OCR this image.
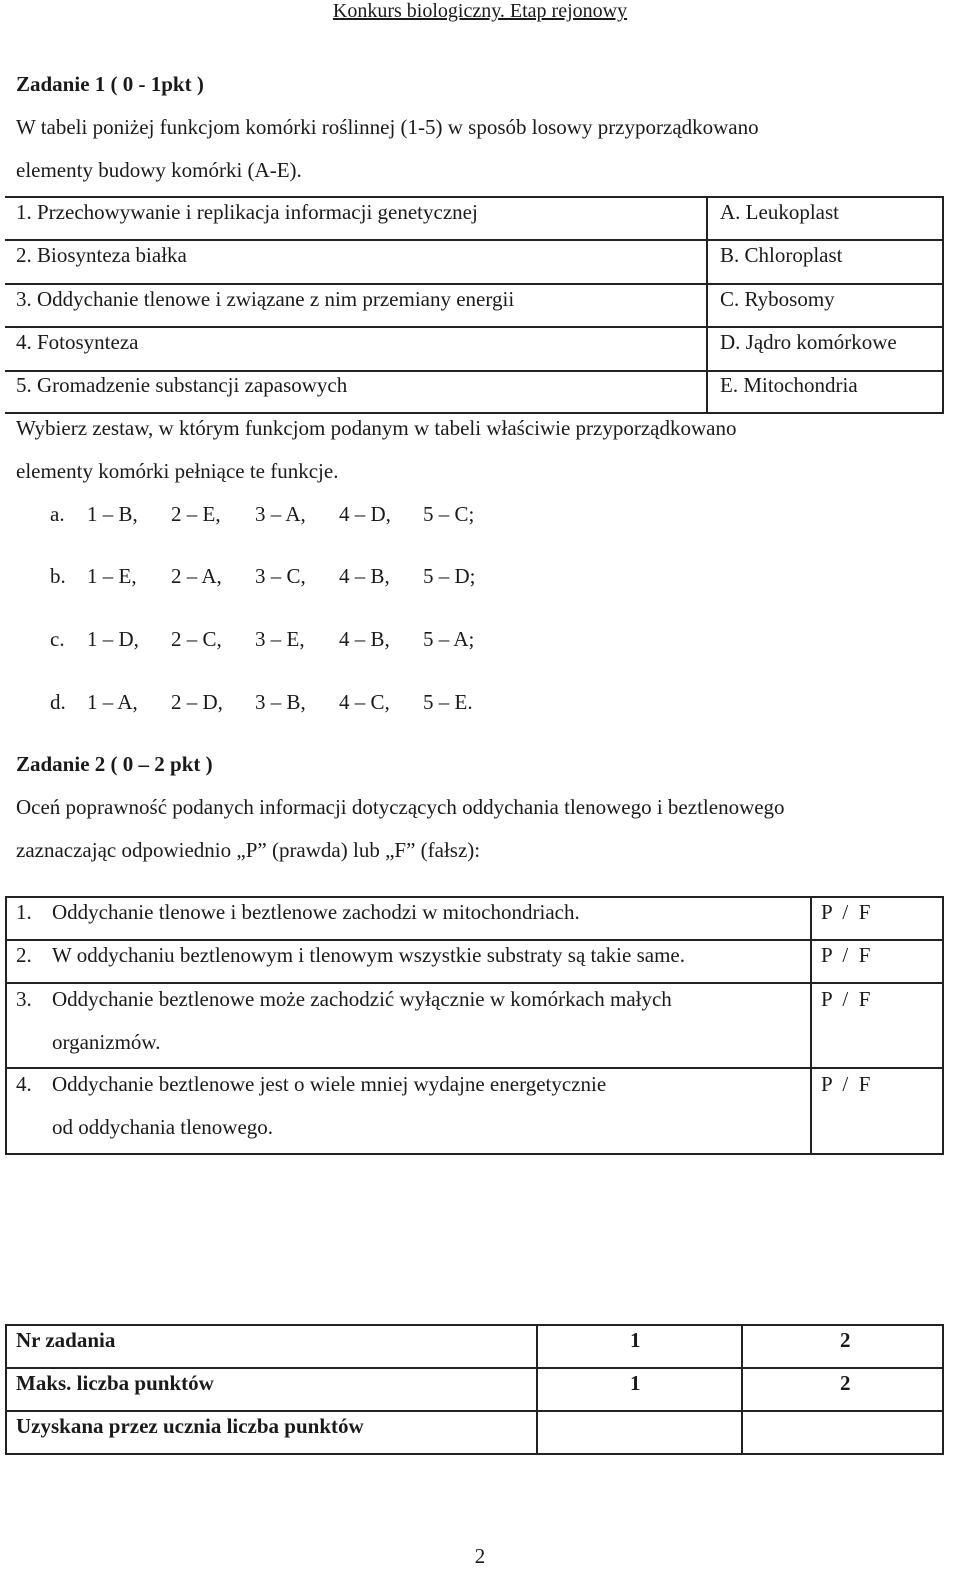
Konkurs biologiczny. Etap rejonowy
Zadanie 1 ( 0 - 1pkt )
W tabeli poniżej funkcjom komórki roślinnej (1-5) w sposób losowy przyporządkowano
elementy budowy komórki (A-E).
1. Przechowywanie i replikacja informacji genetycznej	A. Leukoplast
2. Biosynteza białka	B. Chloroplast
3. Oddychanie tlenowe i związane z nim przemiany energii	C. Rybosomy
4. Fotosynteza	D. Jądro komórkowe
5. Gromadzenie substancji zapasowych	E. Mitochondria
Wybierz zestaw, w którym funkcjom podanym w tabeli właściwie przyporządkowano
elementy komórki pełniące te funkcje.
a. 1 – B, 2 – E, 3 – A, 4 – D, 5 – C;
b. 1 – E, 2 – A, 3 – C, 4 – B, 5 – D;
c. 1 – D, 2 – C, 3 – E, 4 – B, 5 – A;
d. 1 – A, 2 – D, 3 – B, 4 – C, 5 – E.
Zadanie 2 ( 0 – 2 pkt )
Oceń poprawność podanych informacji dotyczących oddychania tlenowego i beztlenowego
zaznaczając odpowiednio „P” (prawda) lub „F” (fałsz):
1. Oddychanie tlenowe i beztlenowe zachodzi w mitochondriach.	P  /  F
2. W oddychaniu beztlenowym i tlenowym wszystkie substraty są takie same.	P  /  F
3. Oddychanie beztlenowe może zachodzić wyłącznie w komórkach małych
organizmów.
P  /  F
4. Oddychanie beztlenowe jest o wiele mniej wydajne energetycznie
od oddychania tlenowego.
P  /  F
Nr zadania	1	2
Maks. liczba punktów	1	2
Uzyskana przez ucznia liczba punktów
2
